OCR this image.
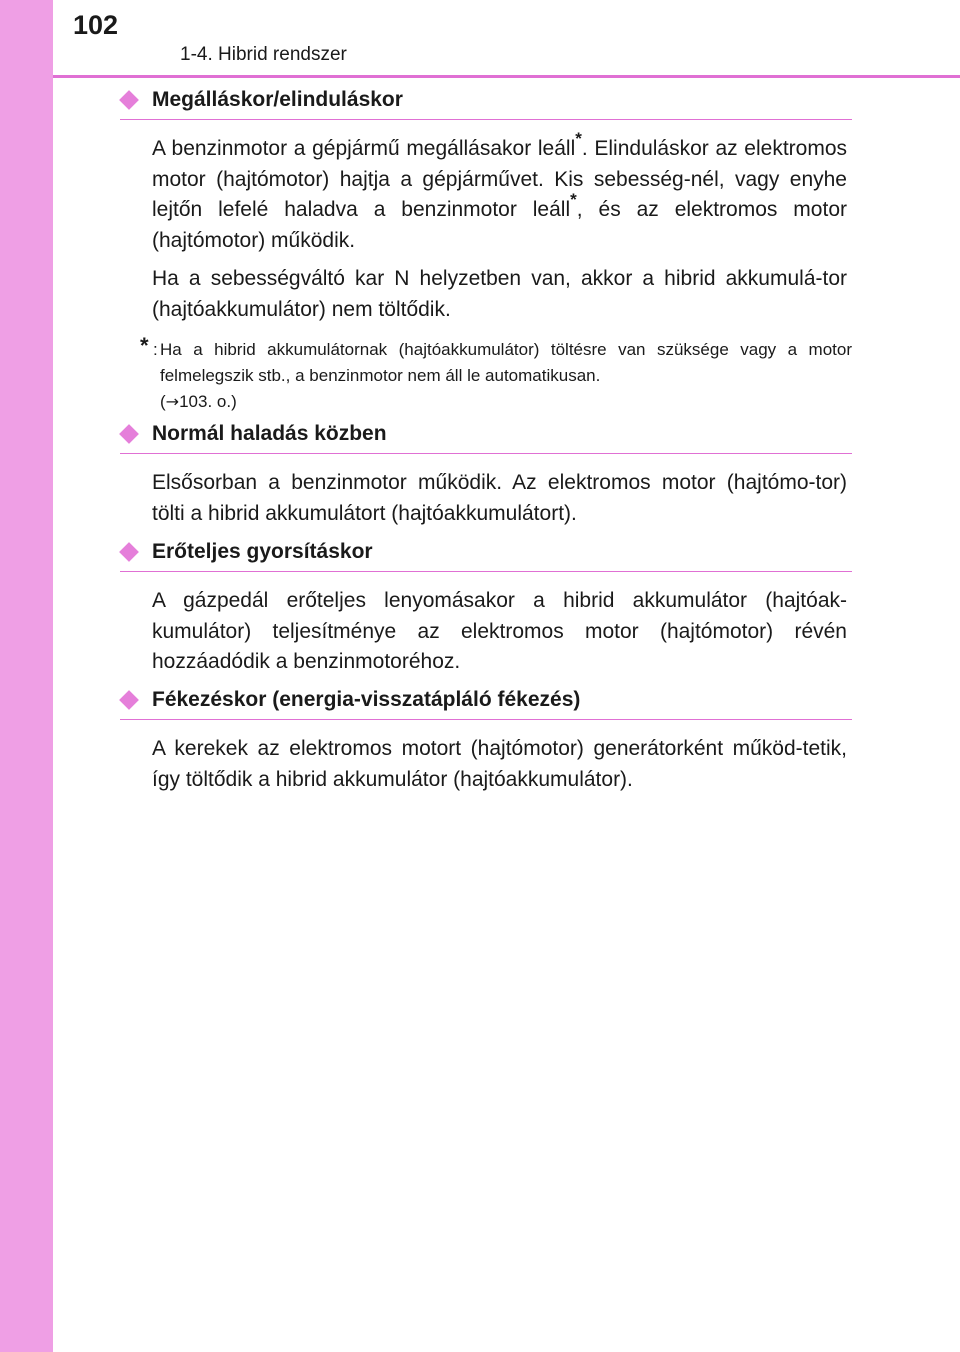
102
1-4. Hibrid rendszer
Megálláskor/elinduláskor

A benzinmotor a gépjármű megállásakor leáll*. Elinduláskor az elektromos motor (hajtómotor) hajtja a gépjárművet. Kis sebesség-nél, vagy enyhe lejtőn lefelé haladva a benzinmotor leáll*, és az elektromos motor (hajtómotor) működik.

Ha a sebességváltó kar N helyzetben van, akkor a hibrid akkumulá-tor (hajtóakkumulátor) nem töltődik.

* : Ha a hibrid akkumulátornak (hajtóakkumulátor) töltésre van szüksége vagy a motor felmelegszik stb., a benzinmotor nem áll le automatikusan.
(→103. o.)
Normál haladás közben

Elsősorban a benzinmotor működik. Az elektromos motor (hajtómo-tor) tölti a hibrid akkumulátort (hajtóakkumulátort).

Erőteljes gyorsításkor

A gázpedál erőteljes lenyomásakor a hibrid akkumulátor (hajtóak-kumulátor) teljesítménye az elektromos motor (hajtómotor) révén hozzáadódik a benzinmotoréhoz.

Fékezéskor (energia-visszatápláló fékezés)

A kerekek az elektromos motort (hajtómotor) generátorként működ-tetik, így töltődik a hibrid akkumulátor (hajtóakkumulátor).
